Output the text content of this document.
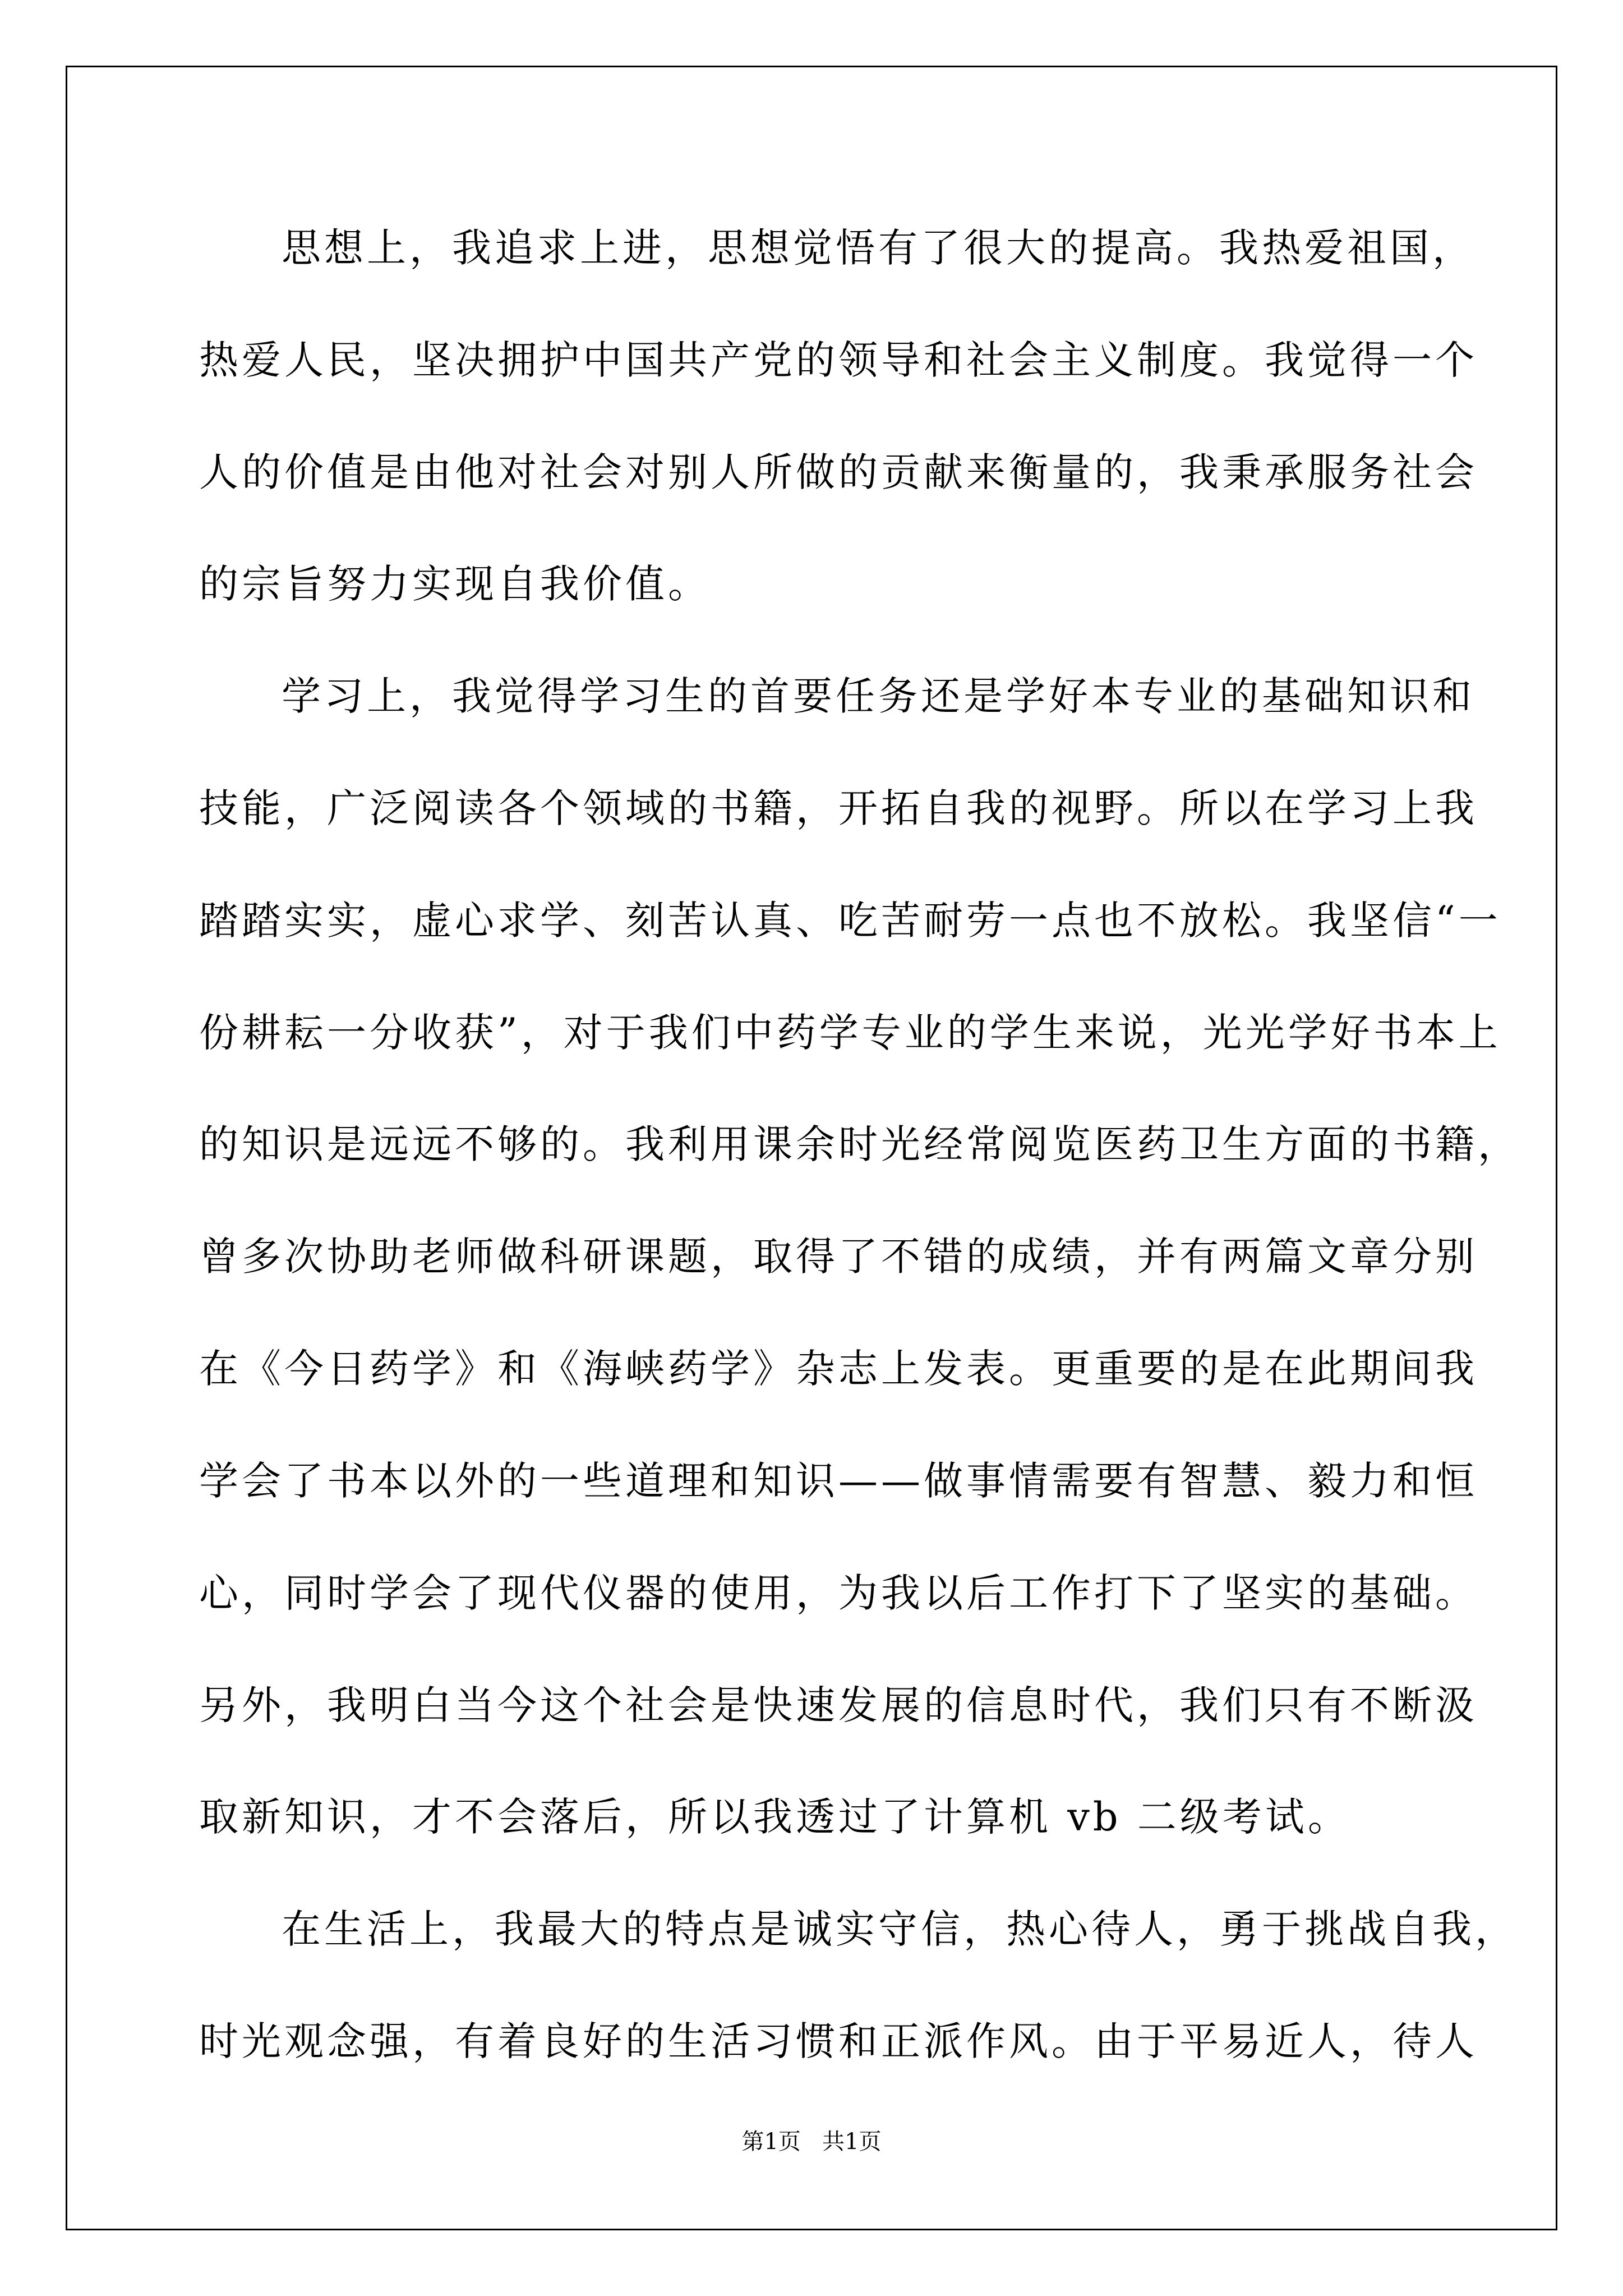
思想上，我追求上进，思想觉悟有了很大的提高。我热爱祖国，
热爱人民，坚决拥护中国共产党的领导和社会主义制度。我觉得一个
人的价值是由他对社会对别人所做的贡献来衡量的，我秉承服务社会
的宗旨努力实现自我价值。
学习上，我觉得学习生的首要任务还是学好本专业的基础知识和
技能，广泛阅读各个领域的书籍，开拓自我的视野。所以在学习上我
踏踏实实，虚心求学、刻苦认真、吃苦耐劳一点也不放松。我坚信“一
份耕耘一分收获”，对于我们中药学专业的学生来说，光光学好书本上
的知识是远远不够的。我利用课余时光经常阅览医药卫生方面的书籍，
曾多次协助老师做科研课题，取得了不错的成绩，并有两篇文章分别
在《今日药学》和《海峡药学》杂志上发表。更重要的是在此期间我
学会了书本以外的一些道理和知识——做事情需要有智慧、毅力和恒
心，同时学会了现代仪器的使用，为我以后工作打下了坚实的基础。
另外，我明白当今这个社会是快速发展的信息时代，我们只有不断汲
取新知识，才不会落后，所以我透过了计算机 vb 二级考试。
在生活上，我最大的特点是诚实守信，热心待人，勇于挑战自我，
时光观念强，有着良好的生活习惯和正派作风。由于平易近人，待人
第1页   共1页
